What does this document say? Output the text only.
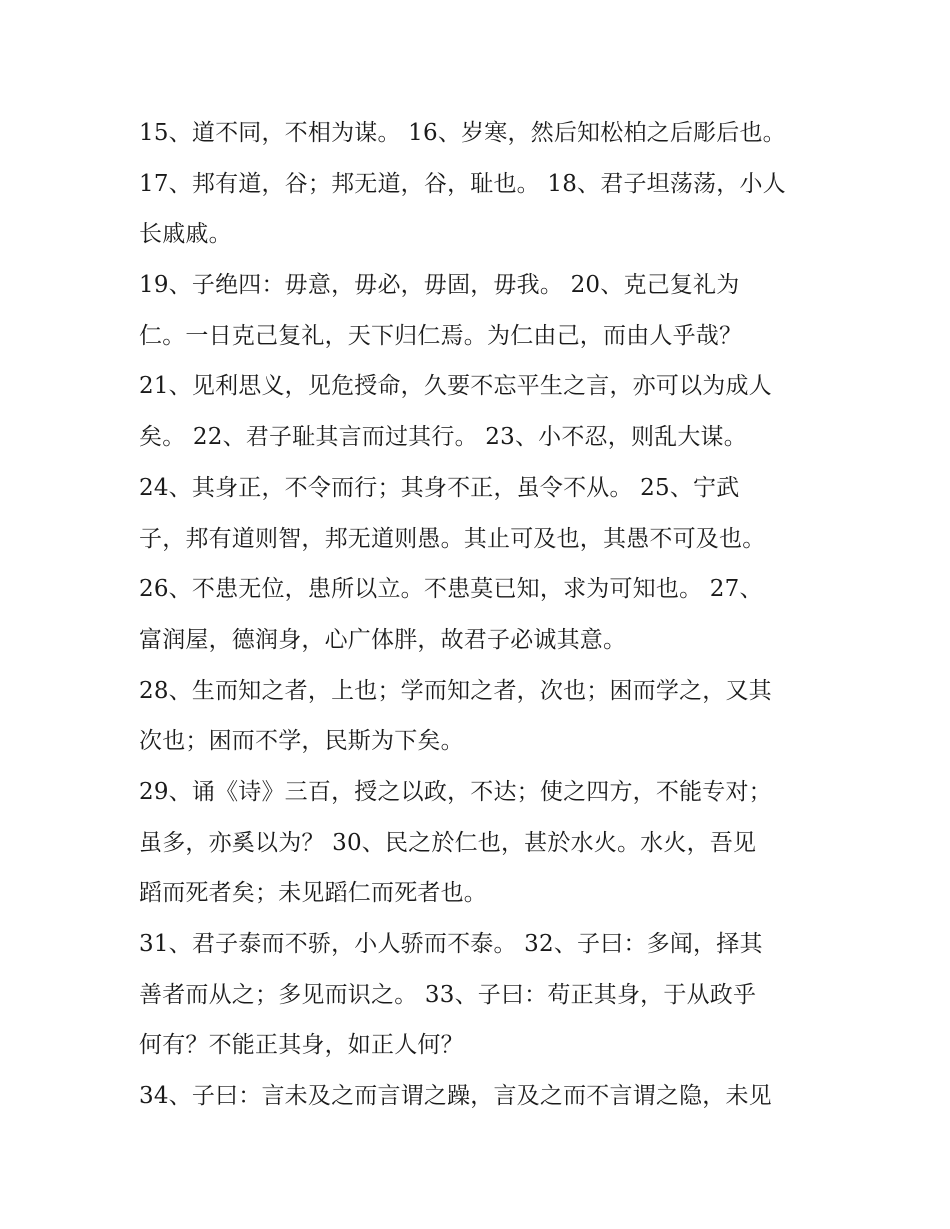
15、道不同，不相为谋。 16、岁寒，然后知松柏之后彫后也。
17、邦有道，谷；邦无道，谷，耻也。 18、君子坦荡荡，小人
长戚戚。
19、子绝四：毋意，毋必，毋固，毋我。 20、克己复礼为
仁。一日克己复礼，天下归仁焉。为仁由己，而由人乎哉？
21、见利思义，见危授命，久要不忘平生之言，亦可以为成人
矣。 22、君子耻其言而过其行。 23、小不忍，则乱大谋。
24、其身正，不令而行；其身不正，虽令不从。 25、宁武
子，邦有道则智，邦无道则愚。其止可及也，其愚不可及也。
26、不患无位，患所以立。不患莫已知，求为可知也。 27、
富润屋，德润身，心广体胖，故君子必诚其意。
28、生而知之者，上也；学而知之者，次也；困而学之，又其
次也；困而不学，民斯为下矣。
29、诵《诗》三百，授之以政，不达；使之四方，不能专对；
虽多，亦奚以为？ 30、民之於仁也，甚於水火。水火，吾见
蹈而死者矣；未见蹈仁而死者也。
31、君子泰而不骄，小人骄而不泰。 32、子曰：多闻，择其
善者而从之；多见而识之。 33、子曰：苟正其身，于从政乎
何有？不能正其身，如正人何？
34、子曰：言未及之而言谓之躁，言及之而不言谓之隐，未见
